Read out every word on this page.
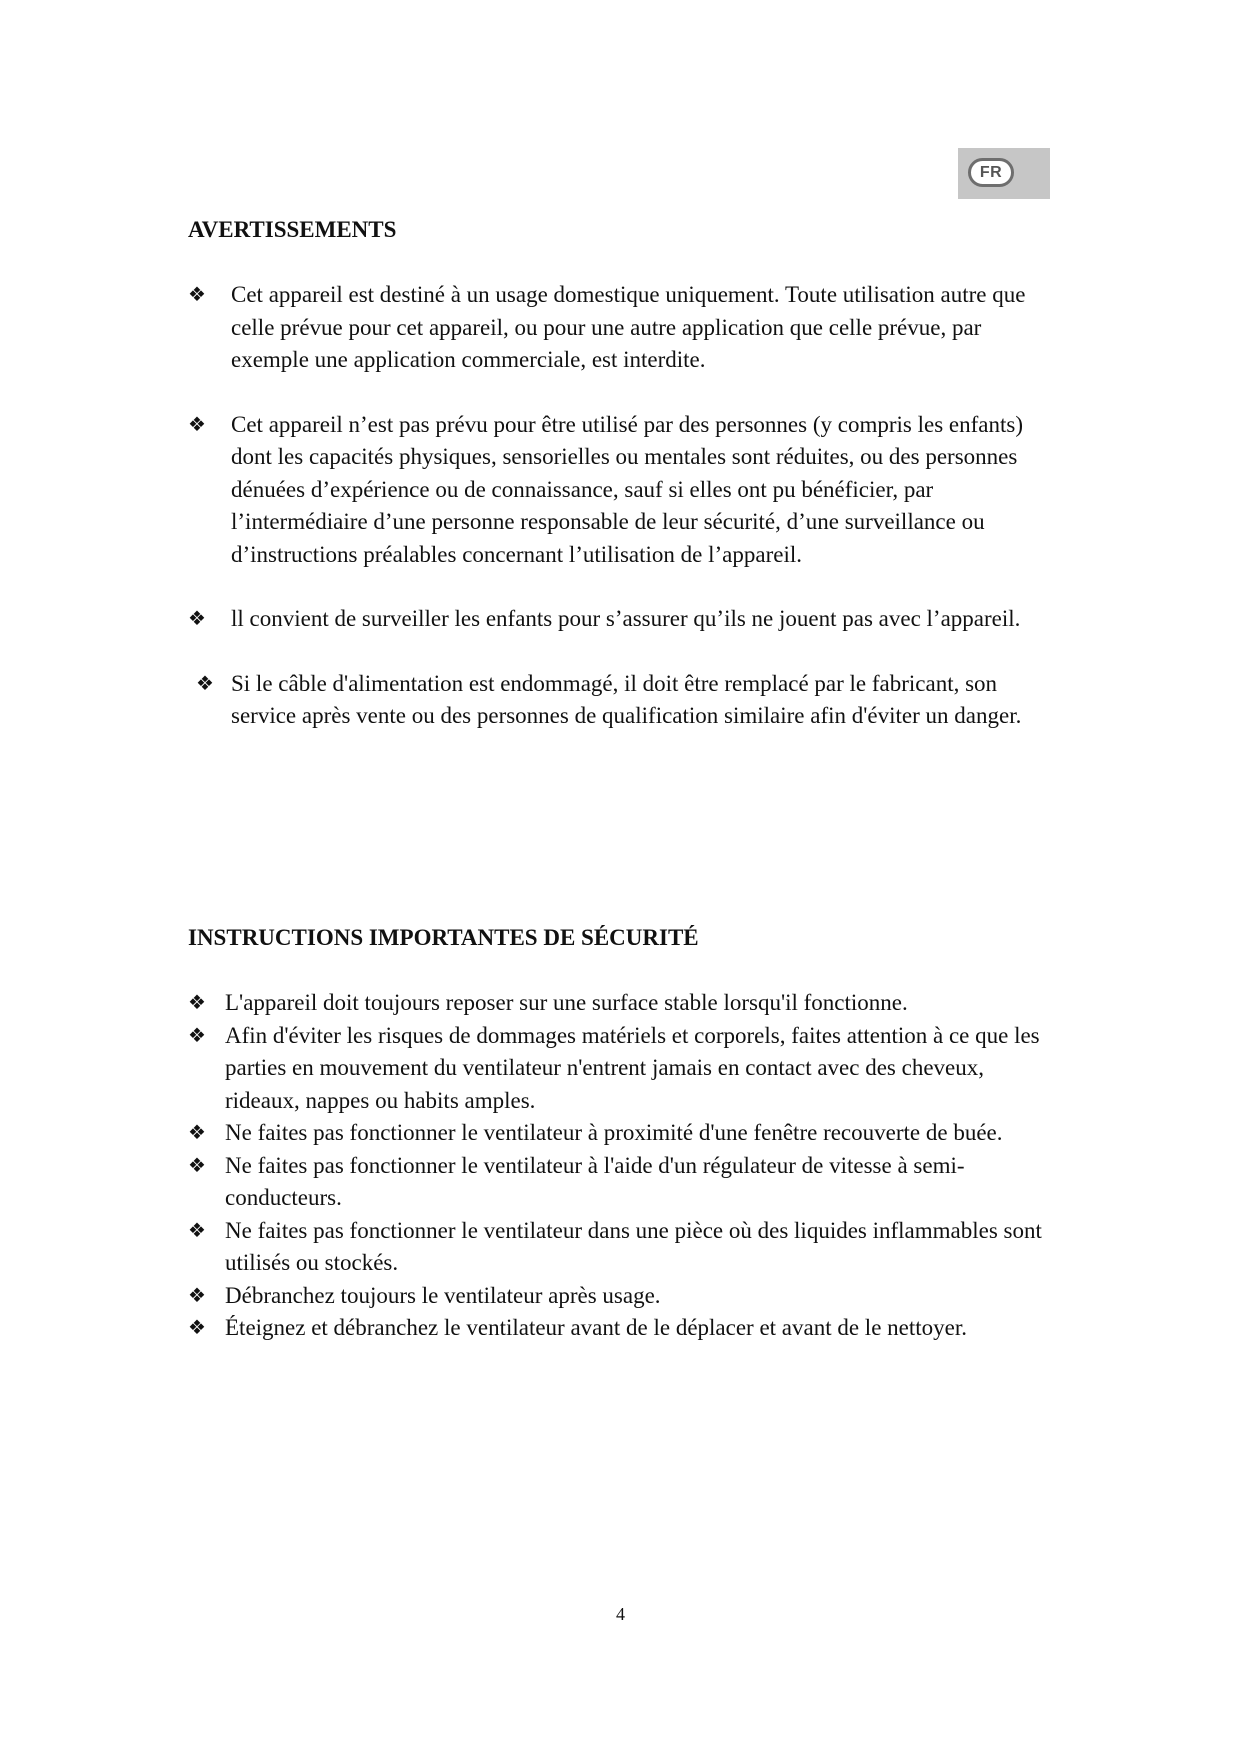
FR
AVERTISSEMENTS
❖ Cet appareil est destiné à un usage domestique uniquement. Toute utilisation autre que celle prévue pour cet appareil, ou pour une autre application que celle prévue, par exemple une application commerciale, est interdite.
❖ Cet appareil n’est pas prévu pour être utilisé par des personnes (y compris les enfants) dont les capacités physiques, sensorielles ou mentales sont réduites, ou des personnes dénuées d’expérience ou de connaissance, sauf si elles ont pu bénéficier, par l’intermédiaire d’une personne responsable de leur sécurité, d’une surveillance ou d’instructions préalables concernant l’utilisation de l’appareil.
❖ ll convient de surveiller les enfants pour s’assurer qu’ils ne jouent pas avec l’appareil.
❖ Si le câble d'alimentation est endommagé, il doit être remplacé par le fabricant, son service après vente ou des personnes de qualification similaire afin d'éviter un danger.
INSTRUCTIONS IMPORTANTES DE SÉCURITÉ
❖ L'appareil doit toujours reposer sur une surface stable lorsqu'il fonctionne.
❖ Afin d'éviter les risques de dommages matériels et corporels, faites attention à ce que les parties en mouvement du ventilateur n'entrent jamais en contact avec des cheveux, rideaux, nappes ou habits amples.
❖ Ne faites pas fonctionner le ventilateur à proximité d'une fenêtre recouverte de buée.
❖ Ne faites pas fonctionner le ventilateur à l'aide d'un régulateur de vitesse à semi-conducteurs.
❖ Ne faites pas fonctionner le ventilateur dans une pièce où des liquides inflammables sont utilisés ou stockés.
❖ Débranchez toujours le ventilateur après usage.
❖ Éteignez et débranchez le ventilateur avant de le déplacer et avant de le nettoyer.
4
